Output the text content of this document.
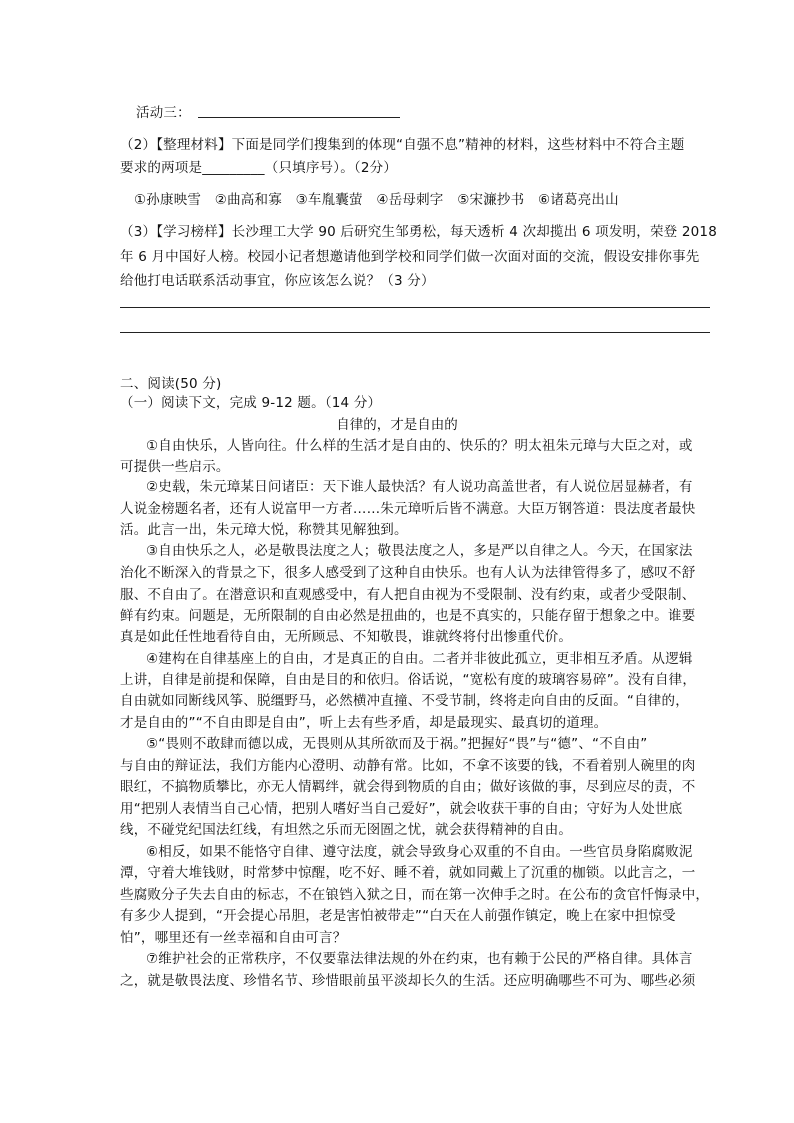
活动三：
（2）【整理材料】下面是同学们搜集到的体现“自强不息”精神的材料，这些材料中不符合主题
要求的两项是_________（只填序号）。（2分）
①孙康映雪　②曲高和寡　③车胤囊萤　④岳母刺字　⑤宋濂抄书　⑥诸葛亮出山
（3）【学习榜样】长沙理工大学 90 后研究生邹勇松，每天透析 4 次却揽出 6 项发明，荣登 2018
年 6 月中国好人榜。校园小记者想邀请他到学校和同学们做一次面对面的交流，假设安排你事先
给他打电话联系活动事宜，你应该怎么说？（3 分）
二、阅读(50 分)
（一）阅读下文，完成 9-12 题。（14 分）
自律的，才是自由的
①自由快乐，人皆向往。什么样的生活才是自由的、快乐的？明太祖朱元璋与大臣之对，或
可提供一些启示。
②史载，朱元璋某日问诸臣：天下谁人最快活？有人说功高盖世者，有人说位居显赫者，有
人说金榜题名者，还有人说富甲一方者……朱元璋听后皆不满意。大臣万钢答道：畏法度者最快
活。此言一出，朱元璋大悦，称赞其见解独到。
③自由快乐之人，必是敬畏法度之人；敬畏法度之人，多是严以自律之人。今天，在国家法
治化不断深入的背景之下，很多人感受到了这种自由快乐。也有人认为法律管得多了，感叹不舒
服、不自由了。在潜意识和直观感受中，有人把自由视为不受限制、没有约束，或者少受限制、
鲜有约束。问题是，无所限制的自由必然是扭曲的，也是不真实的，只能存留于想象之中。谁要
真是如此任性地看待自由，无所顾忌、不知敬畏，谁就终将付出惨重代价。
④建构在自律基座上的自由，才是真正的自由。二者并非彼此孤立，更非相互矛盾。从逻辑
上讲，自律是前提和保障，自由是目的和依归。俗话说，“宽松有度的玻璃容易碎”。没有自律，
自由就如同断线风筝、脱缰野马，必然横冲直撞、不受节制，终将走向自由的反面。“自律的，
才是自由的”“不自由即是自由”，听上去有些矛盾，却是最现实、最真切的道理。
⑤“畏则不敢肆而德以成，无畏则从其所欲而及于祸。”把握好“畏”与“德”、“不自由”
与自由的辩证法，我们方能内心澄明、动静有常。比如，不拿不该要的钱，不看着别人碗里的肉
眼红，不搞物质攀比，亦无人情羁绊，就会得到物质的自由；做好该做的事，尽到应尽的责，不
用“把别人表情当自己心情，把别人嗜好当自己爱好”，就会收获干事的自由；守好为人处世底
线，不碰党纪国法红线，有坦然之乐而无囹圄之忧，就会获得精神的自由。
⑥相反，如果不能恪守自律、遵守法度，就会导致身心双重的不自由。一些官员身陷腐败泥
潭，守着大堆钱财，时常梦中惊醒，吃不好、睡不着，就如同戴上了沉重的枷锁。以此言之，一
些腐败分子失去自由的标志，不在锒铛入狱之日，而在第一次伸手之时。在公布的贪官忏悔录中，
有多少人提到，“开会提心吊胆，老是害怕被带走”“白天在人前强作镇定，晚上在家中担惊受
怕”，哪里还有一丝幸福和自由可言？
⑦维护社会的正常秩序，不仅要靠法律法规的外在约束，也有赖于公民的严格自律。具体言
之，就是敬畏法度、珍惜名节、珍惜眼前虽平淡却长久的生活。还应明确哪些不可为、哪些必须
